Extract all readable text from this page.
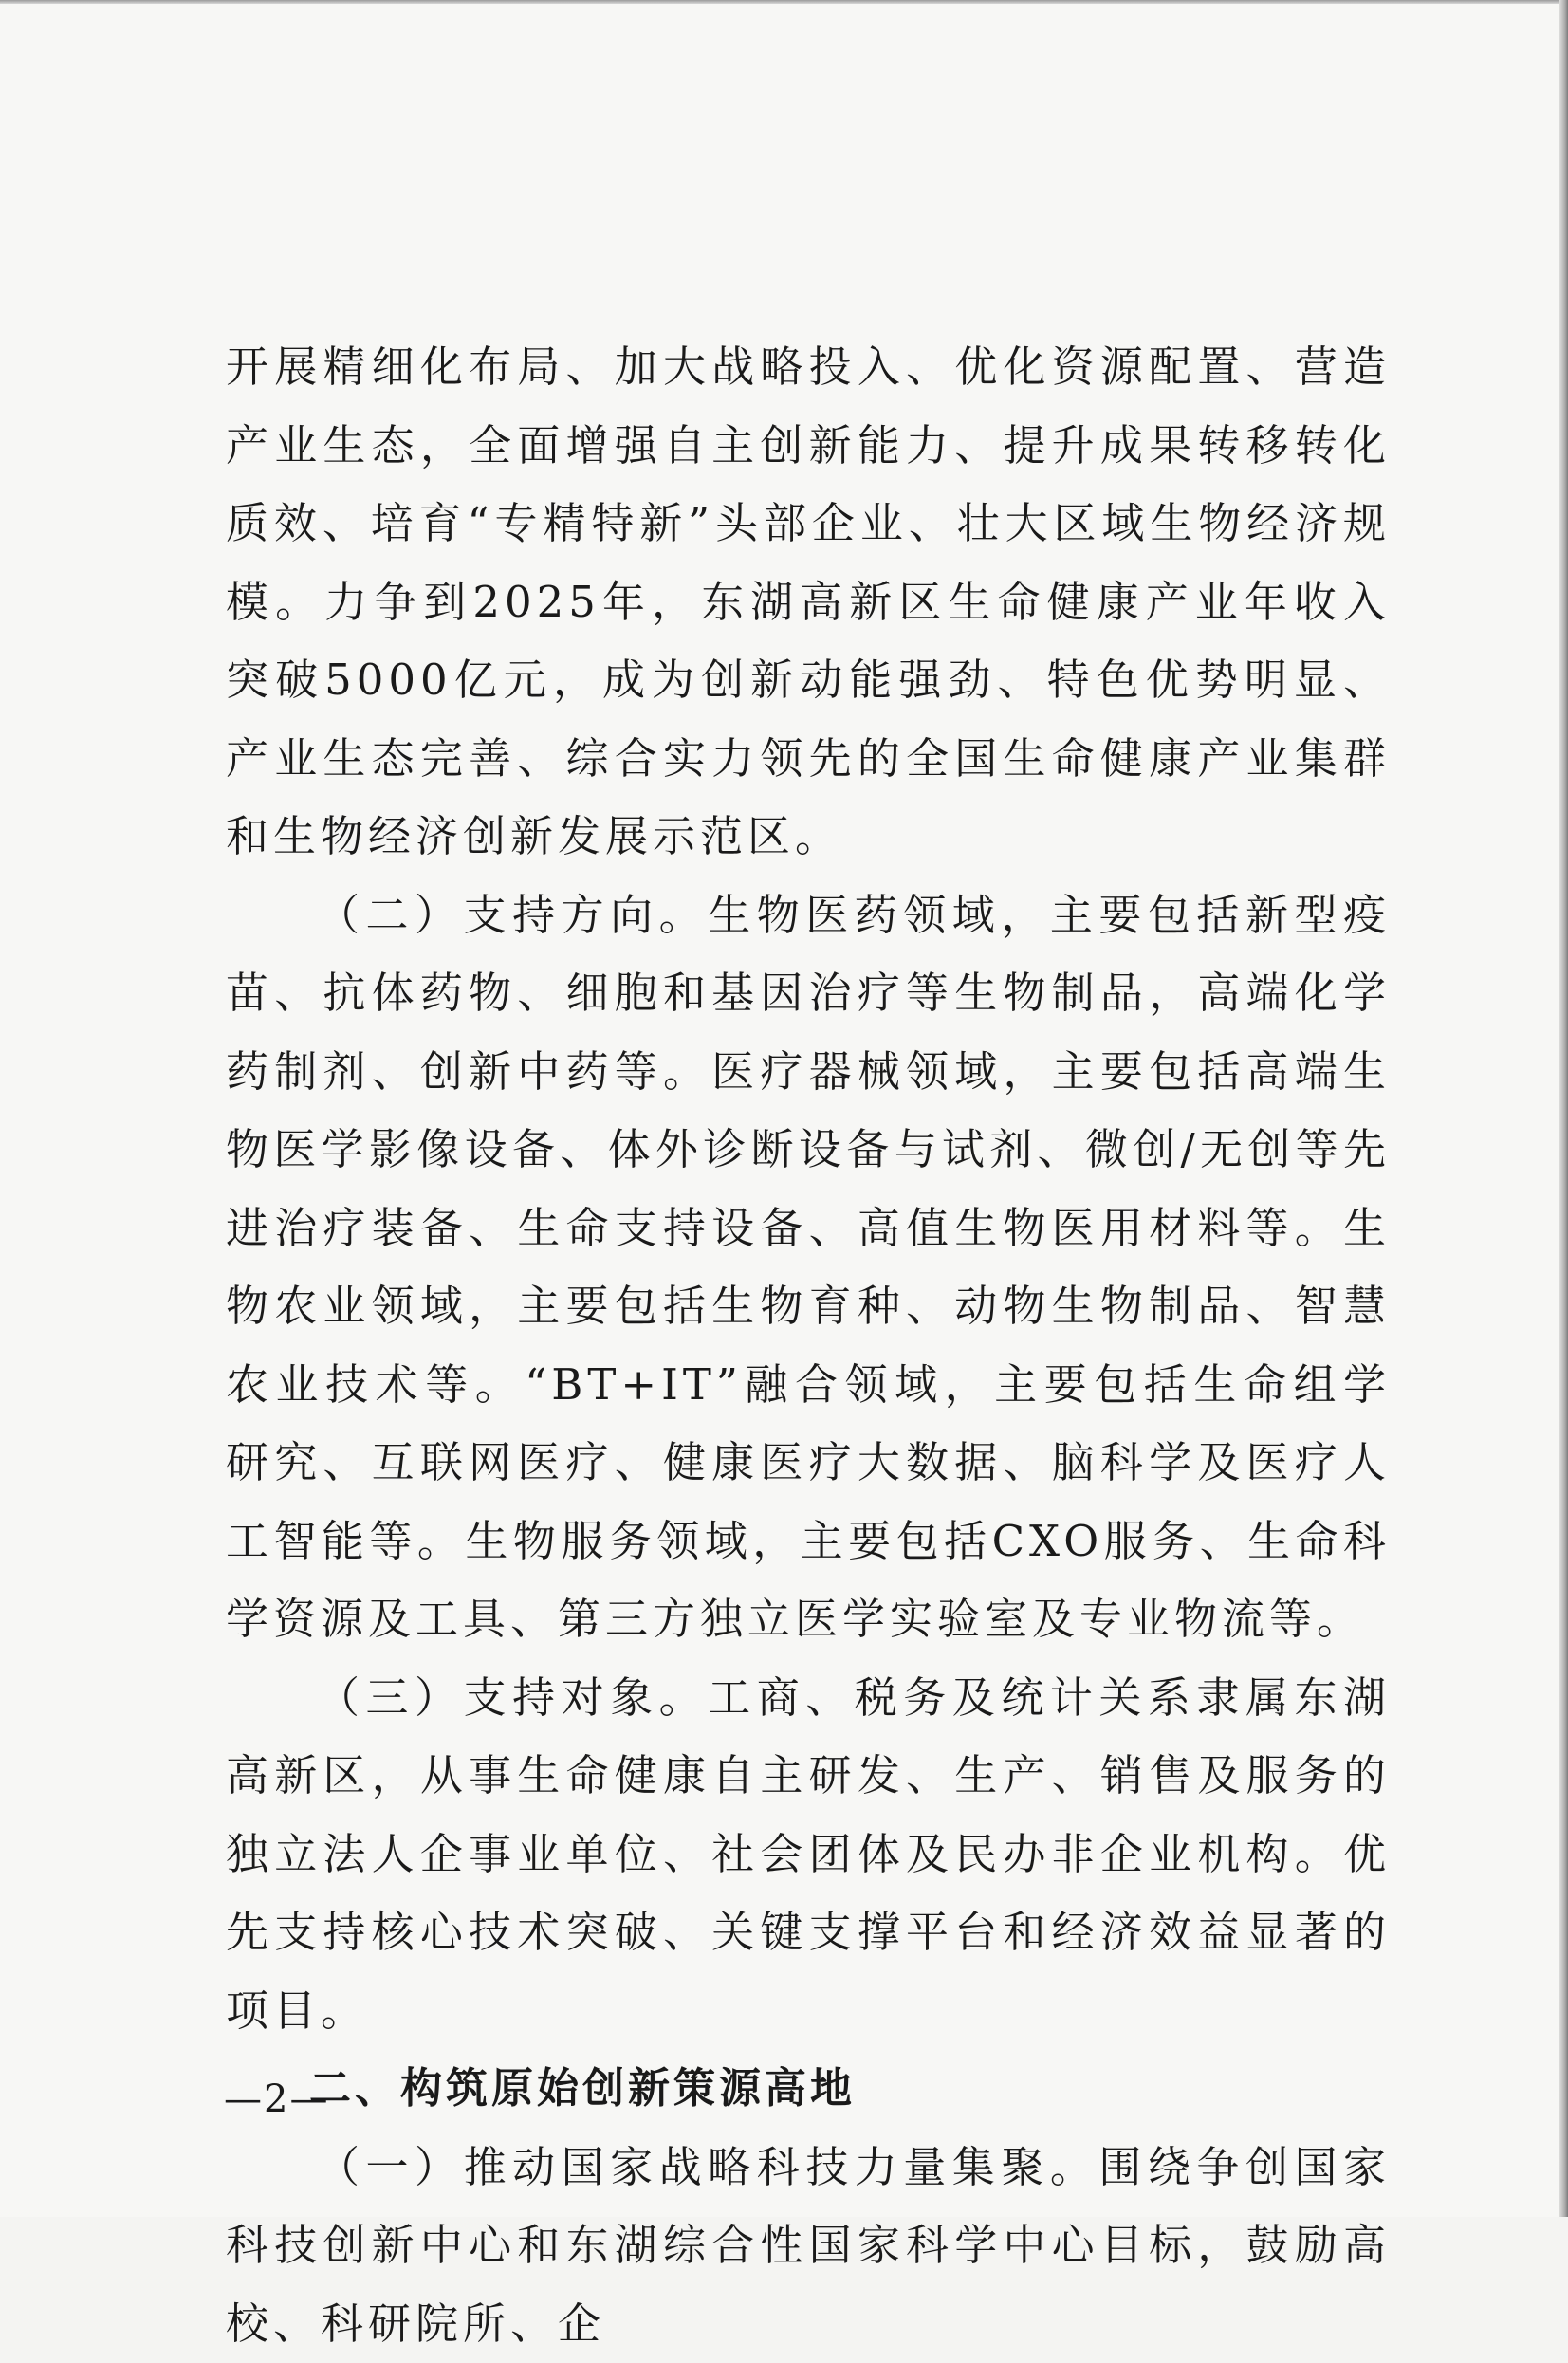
开展精细化布局、加大战略投入、优化资源配置、营造产业生态，全面增强自主创新能力、提升成果转移转化质效、培育“专精特新”头部企业、壮大区域生物经济规模。力争到2025年，东湖高新区生命健康产业年收入突破5000亿元，成为创新动能强劲、特色优势明显、产业生态完善、综合实力领先的全国生命健康产业集群和生物经济创新发展示范区。

（二）支持方向。生物医药领域，主要包括新型疫苗、抗体药物、细胞和基因治疗等生物制品，高端化学药制剂、创新中药等。医疗器械领域，主要包括高端生物医学影像设备、体外诊断设备与试剂、微创/无创等先进治疗装备、生命支持设备、高值生物医用材料等。生物农业领域，主要包括生物育种、动物生物制品、智慧农业技术等。“BT+IT”融合领域，主要包括生命组学研究、互联网医疗、健康医疗大数据、脑科学及医疗人工智能等。生物服务领域，主要包括CXO服务、生命科学资源及工具、第三方独立医学实验室及专业物流等。

（三）支持对象。工商、税务及统计关系隶属东湖高新区，从事生命健康自主研发、生产、销售及服务的独立法人企事业单位、社会团体及民办非企业机构。优先支持核心技术突破、关键支撑平台和经济效益显著的项目。

二、构筑原始创新策源高地

（一）推动国家战略科技力量集聚。围绕争创国家科技创新中心和东湖综合性国家科学中心目标，鼓励高校、科研院所、企

—2—
